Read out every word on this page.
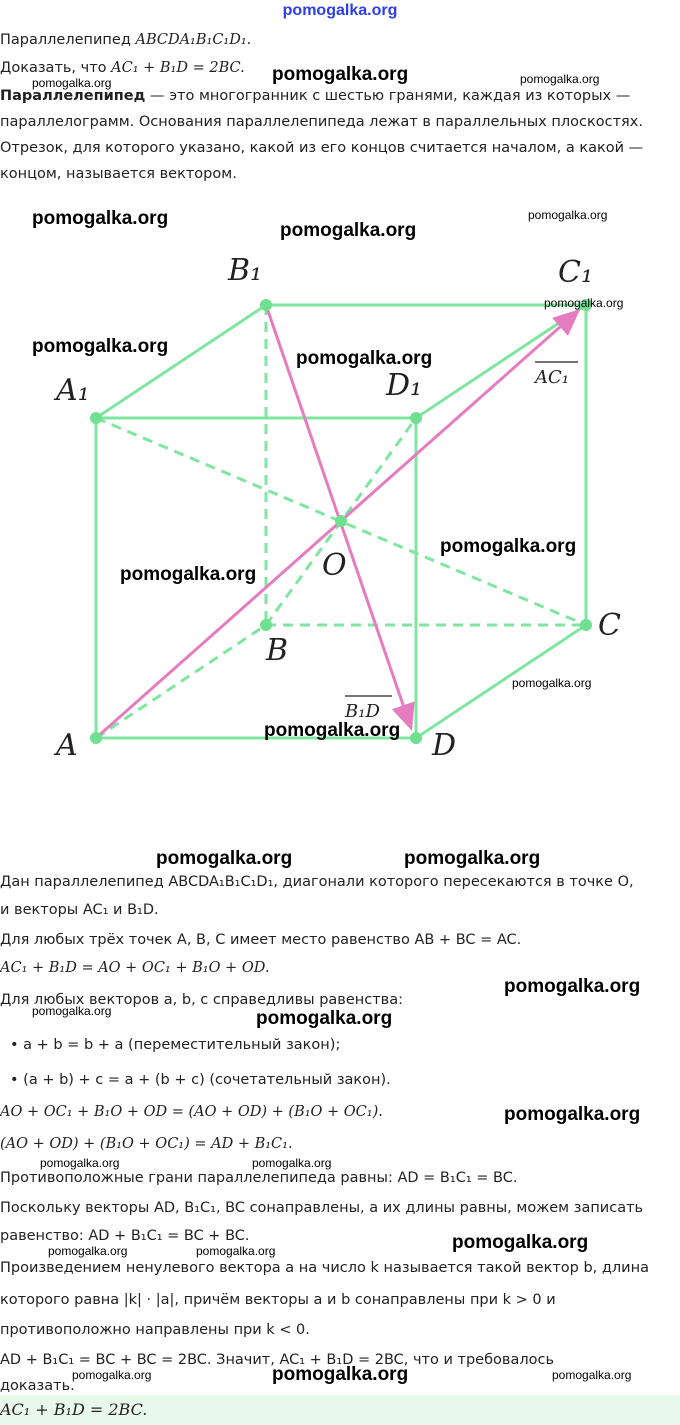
pomogalka.org
Параллелепипед ABCDA₁B₁C₁D₁.
Доказать, что AC₁ + B₁D = 2BC.
Параллелепипед — это многогранник с шестью гранями, каждая из которых —
параллелограмм. Основания параллелепипеда лежат в параллельных плоскостях.
Отрезок, для которого указано, какой из его концов считается началом, а какой —
концом, называется вектором.
A	D
B
C
A₁	D₁
B₁	C₁
O
AC₁
B₁D
Дан параллелепипед ABCDA₁B₁C₁D₁, диагонали которого пересекаются в точке O,
и векторы AC₁ и B₁D.
Для любых трёх точек A, B, C имеет место равенство AB + BC = AC.
AC₁ + B₁D = AO + OC₁ + B₁O + OD.
Для любых векторов a, b, c справедливы равенства:
• a + b = b + a (переместительный закон);
• (a + b) + c = a + (b + c) (сочетательный закон).
AO + OC₁ + B₁O + OD = (AO + OD) + (B₁O + OC₁).
(AO + OD) + (B₁O + OC₁) = AD + B₁C₁.
Противоположные грани параллелепипеда равны: AD = B₁C₁ = BC.
Поскольку векторы AD, B₁C₁, BC сонаправлены, а их длины равны, можем записать
равенство: AD + B₁C₁ = BC + BC.
Произведением ненулевого вектора a на число k называется такой вектор b, длина
которого равна |k| · |a|, причём векторы a и b сонаправлены при k > 0 и
противоположно направлены при k < 0.
AD + B₁C₁ = BC + BC = 2BC. Значит, AC₁ + B₁D = 2BC, что и требовалось
доказать.
AC₁ + B₁D = 2BC.
pomogalka.org	pomogalka.org	pomogalka.org
pomogalka.org	pomogalka.org
pomogalka.org
pomogalka.org
pomogalka.org
pomogalka.org
pomogalka.org
pomogalka.org
pomogalka.org
pomogalka.org
pomogalka.org	pomogalka.org
pomogalka.org
pomogalka.org	pomogalka.org
pomogalka.org
pomogalka.org	pomogalka.org
pomogalka.org	pomogalka.org	pomogalka.org
pomogalka.org	pomogalka.org	pomogalka.org
